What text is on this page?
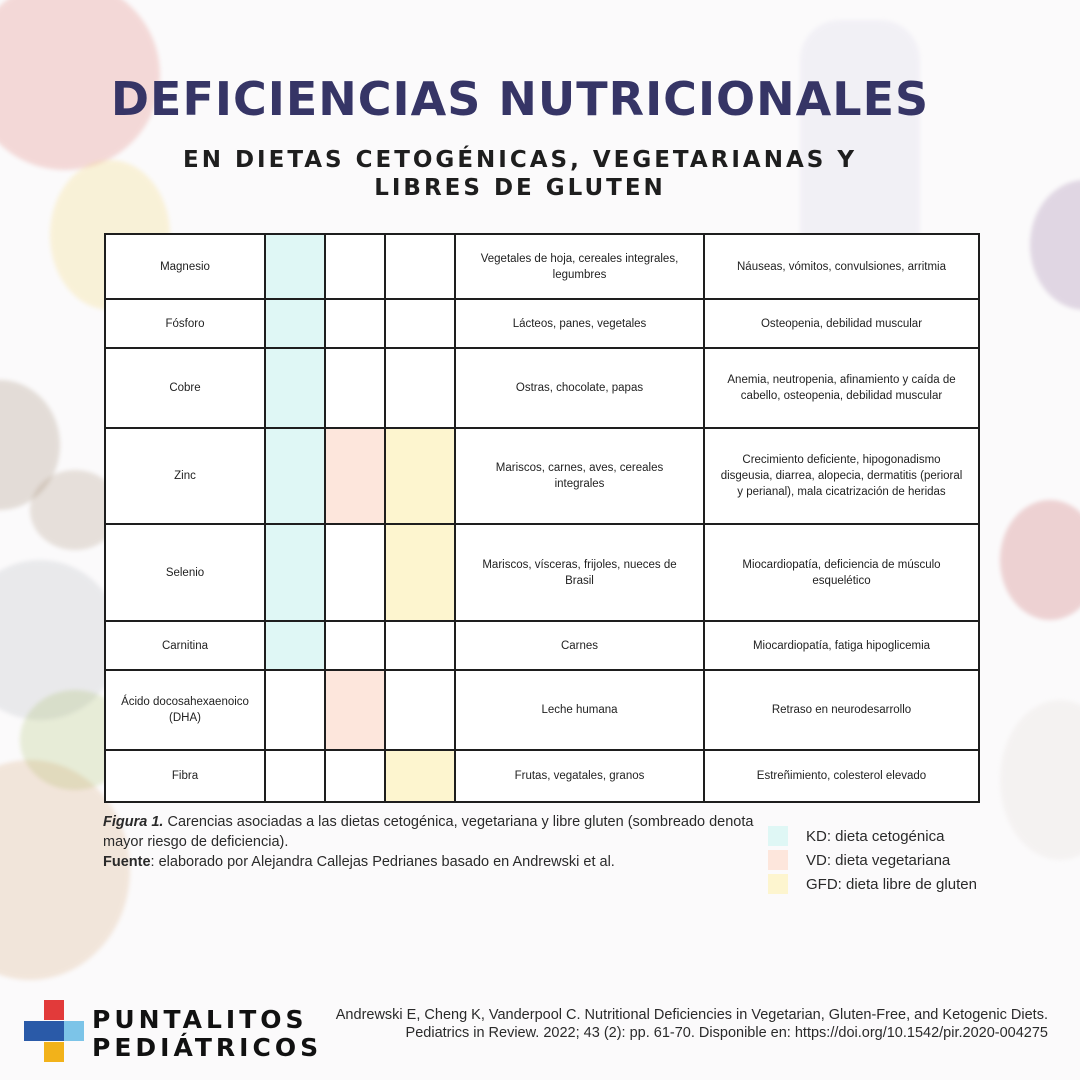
DEFICIENCIAS NUTRICIONALES
EN DIETAS CETOGÉNICAS, VEGETARIANAS Y LIBRES DE GLUTEN
Magnesio				Vegetales de hoja, cereales integrales, legumbres	Náuseas, vómitos, convulsiones, arritmia
Fósforo				Lácteos, panes, vegetales	Osteopenia, debilidad muscular
Cobre				Ostras, chocolate, papas	Anemia, neutropenia, afinamiento y caída de cabello, osteopenia, debilidad muscular
Zinc				Mariscos, carnes, aves, cereales integrales	Crecimiento deficiente, hipogonadismo disgeusia, diarrea, alopecia, dermatitis (perioral y perianal), mala cicatrización de heridas
Selenio				Mariscos, vísceras, frijoles, nueces de Brasil	Miocardiopatía, deficiencia de músculo esquelético
Carnitina				Carnes	Miocardiopatía, fatiga hipoglicemia
Ácido docosahexaenoico (DHA)				Leche humana	Retraso en neurodesarrollo
Fibra				Frutas, vegatales, granos	Estreñimiento, colesterol elevado
Figura 1. Carencias asociadas a las dietas cetogénica, vegetariana y libre gluten (sombreado denota mayor riesgo de deficiencia).
Fuente: elaborado por Alejandra Callejas Pedrianes basado en Andrewski et al.
KD: dieta cetogénica
VD: dieta vegetariana
GFD: dieta libre de gluten
PUNTALITOS
PEDIÁTRICOS
Andrewski E, Cheng K, Vanderpool C. Nutritional Deficiencies in Vegetarian, Gluten-Free, and Ketogenic Diets. Pediatrics in Review. 2022; 43 (2): pp. 61-70. Disponible en: https://doi.org/10.1542/pir.2020-004275
